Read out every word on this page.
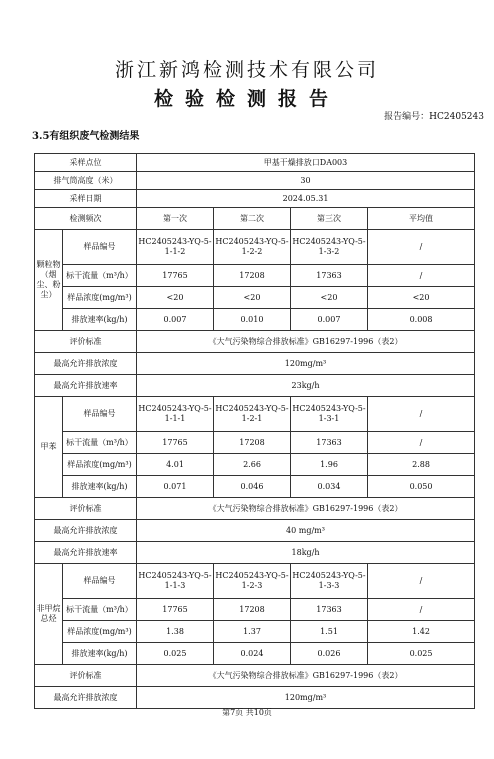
浙江新鸿检测技术有限公司
检验检测报告
报告编号：HC2405243
3.5有组织废气检测结果
采样点位		甲基干燥排放口DA003			
排气筒高度（米）		30			
采样日期		2024.05.31			
检测频次		第一次	第二次	第三次	平均值
颗粒物（烟尘、粉尘）	样品编号	HC2405243-YQ-5-1-1-2	HC2405243-YQ-5-1-2-2	HC2405243-YQ-5-1-3-2	/
	标干流量（m³/h）	17765	17208	17363	/
	样品浓度(mg/m³)	<20	<20	<20	<20
	排放速率(kg/h)	0.007	0.010	0.007	0.008
评价标准		《大气污染物综合排放标准》GB16297-1996（表2）			
最高允许排放浓度		120mg/m³			
最高允许排放速率		23kg/h			
甲苯	样品编号	HC2405243-YQ-5-1-1-1	HC2405243-YQ-5-1-2-1	HC2405243-YQ-5-1-3-1	/
	标干流量（m³/h）	17765	17208	17363	/
	样品浓度(mg/m³)	4.01	2.66	1.96	2.88
	排放速率(kg/h)	0.071	0.046	0.034	0.050
评价标准		《大气污染物综合排放标准》GB16297-1996（表2）			
最高允许排放浓度		40 mg/m³			
最高允许排放速率		18kg/h			
非甲烷总烃	样品编号	HC2405243-YQ-5-1-1-3	HC2405243-YQ-5-1-2-3	HC2405243-YQ-5-1-3-3	/
	标干流量（m³/h）	17765	17208	17363	/
	样品浓度(mg/m³)	1.38	1.37	1.51	1.42
	排放速率(kg/h)	0.025	0.024	0.026	0.025
评价标准		《大气污染物综合排放标准》GB16297-1996（表2）			
最高允许排放浓度		120mg/m³			
第7页 共10页
